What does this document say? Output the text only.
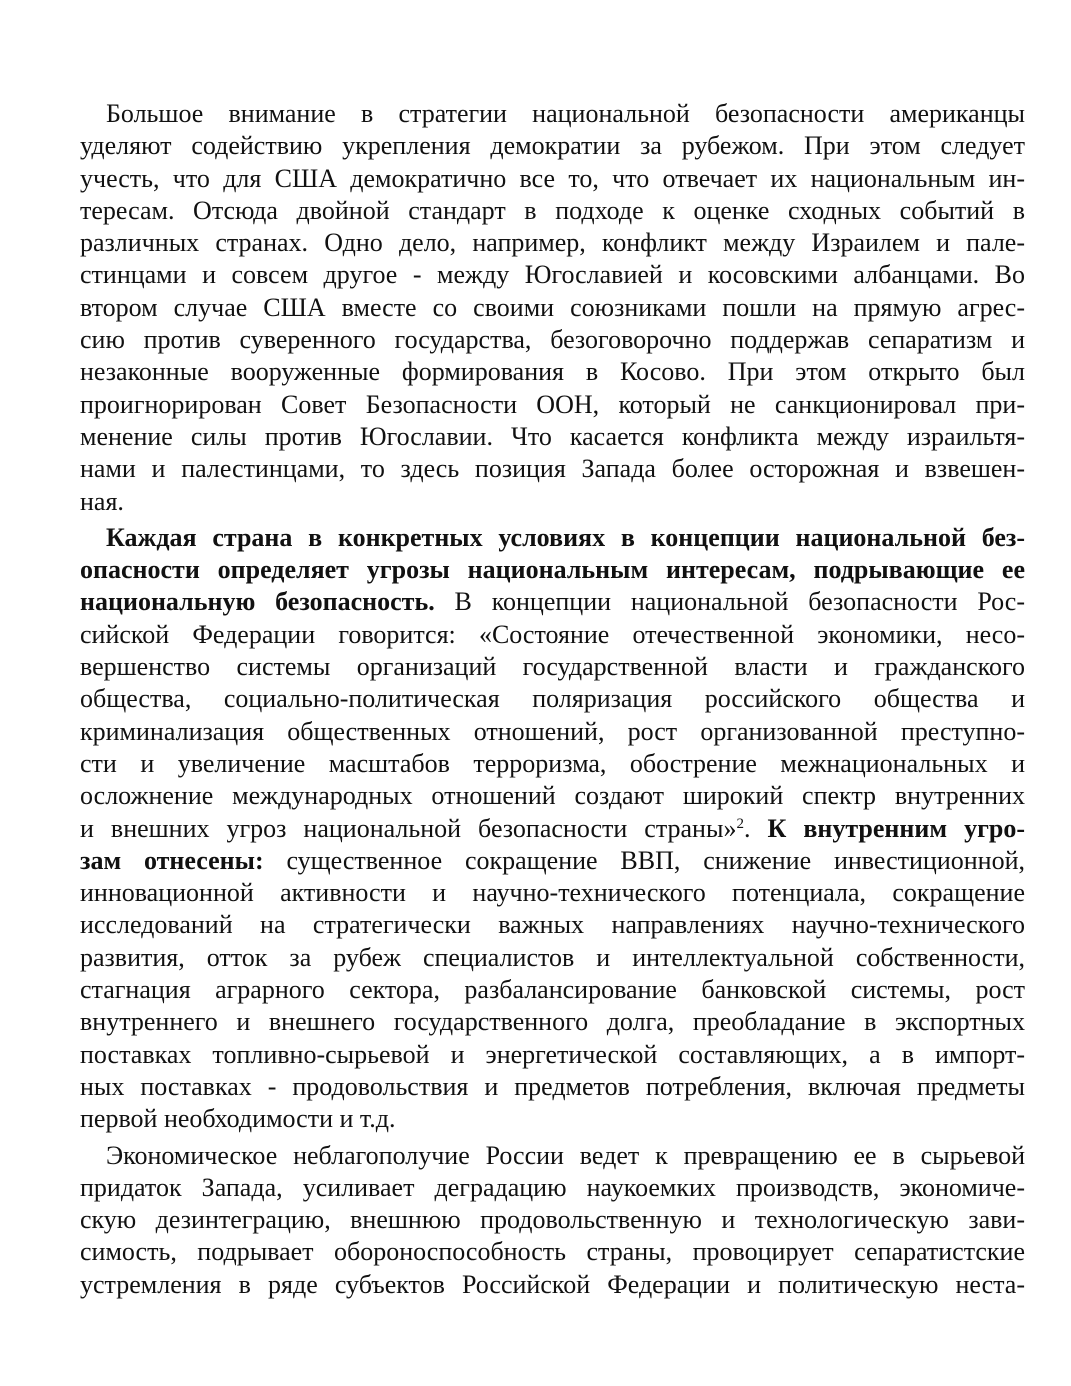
Большое внимание в стратегии национальной безопасности американцы
уделяют содействию укрепления демократии за рубежом. При этом следует
учесть, что для США демократично все то, что отвечает их национальным ин-
тересам. Отсюда двойной стандарт в подходе к оценке сходных событий в
различных странах. Одно дело, например, конфликт между Израилем и пале-
стинцами и совсем другое - между Югославией и косовскими албанцами. Во
втором случае США вместе со своими союзниками пошли на прямую агрес-
сию против суверенного государства, безоговорочно поддержав сепаратизм и
незаконные вооруженные формирования в Косово. При этом открыто был
проигнорирован Совет Безопасности ООН, который не санкционировал при-
менение силы против Югославии. Что касается конфликта между израильтя-
нами и палестинцами, то здесь позиция Запада более осторожная и взвешен-
ная.
Каждая страна в конкретных условиях в концепции национальной без-
опасности определяет угрозы национальным интересам, подрывающие ее
национальную безопасность. В концепции национальной безопасности Рос-
сийской Федерации говорится: «Состояние отечественной экономики, несо-
вершенство системы организаций государственной власти и гражданского
общества, социально-политическая поляризация российского общества и
криминализация общественных отношений, рост организованной преступно-
сти и увеличение масштабов терроризма, обострение межнациональных и
осложнение международных отношений создают широкий спектр внутренних
и внешних угроз национальной безопасности страны»$^2$. К внутренним угро-
зам отнесены: существенное сокращение ВВП, снижение инвестиционной,
инновационной активности и научно-технического потенциала, сокращение
исследований на стратегически важных направлениях научно-технического
развития, отток за рубеж специалистов и интеллектуальной собственности,
стагнация аграрного сектора, разбалансирование банковской системы, рост
внутреннего и внешнего государственного долга, преобладание в экспортных
поставках топливно-сырьевой и энергетической составляющих, а в импорт-
ных поставках - продовольствия и предметов потребления, включая предметы
первой необходимости и т.д.
Экономическое неблагополучие России ведет к превращению ее в сырьевой
придаток Запада, усиливает деградацию наукоемких производств, экономиче-
скую дезинтеграцию, внешнюю продовольственную и технологическую зави-
симость, подрывает обороноспособность страны, провоцирует сепаратистские
устремления в ряде субъектов Российской Федерации и политическую неста-
